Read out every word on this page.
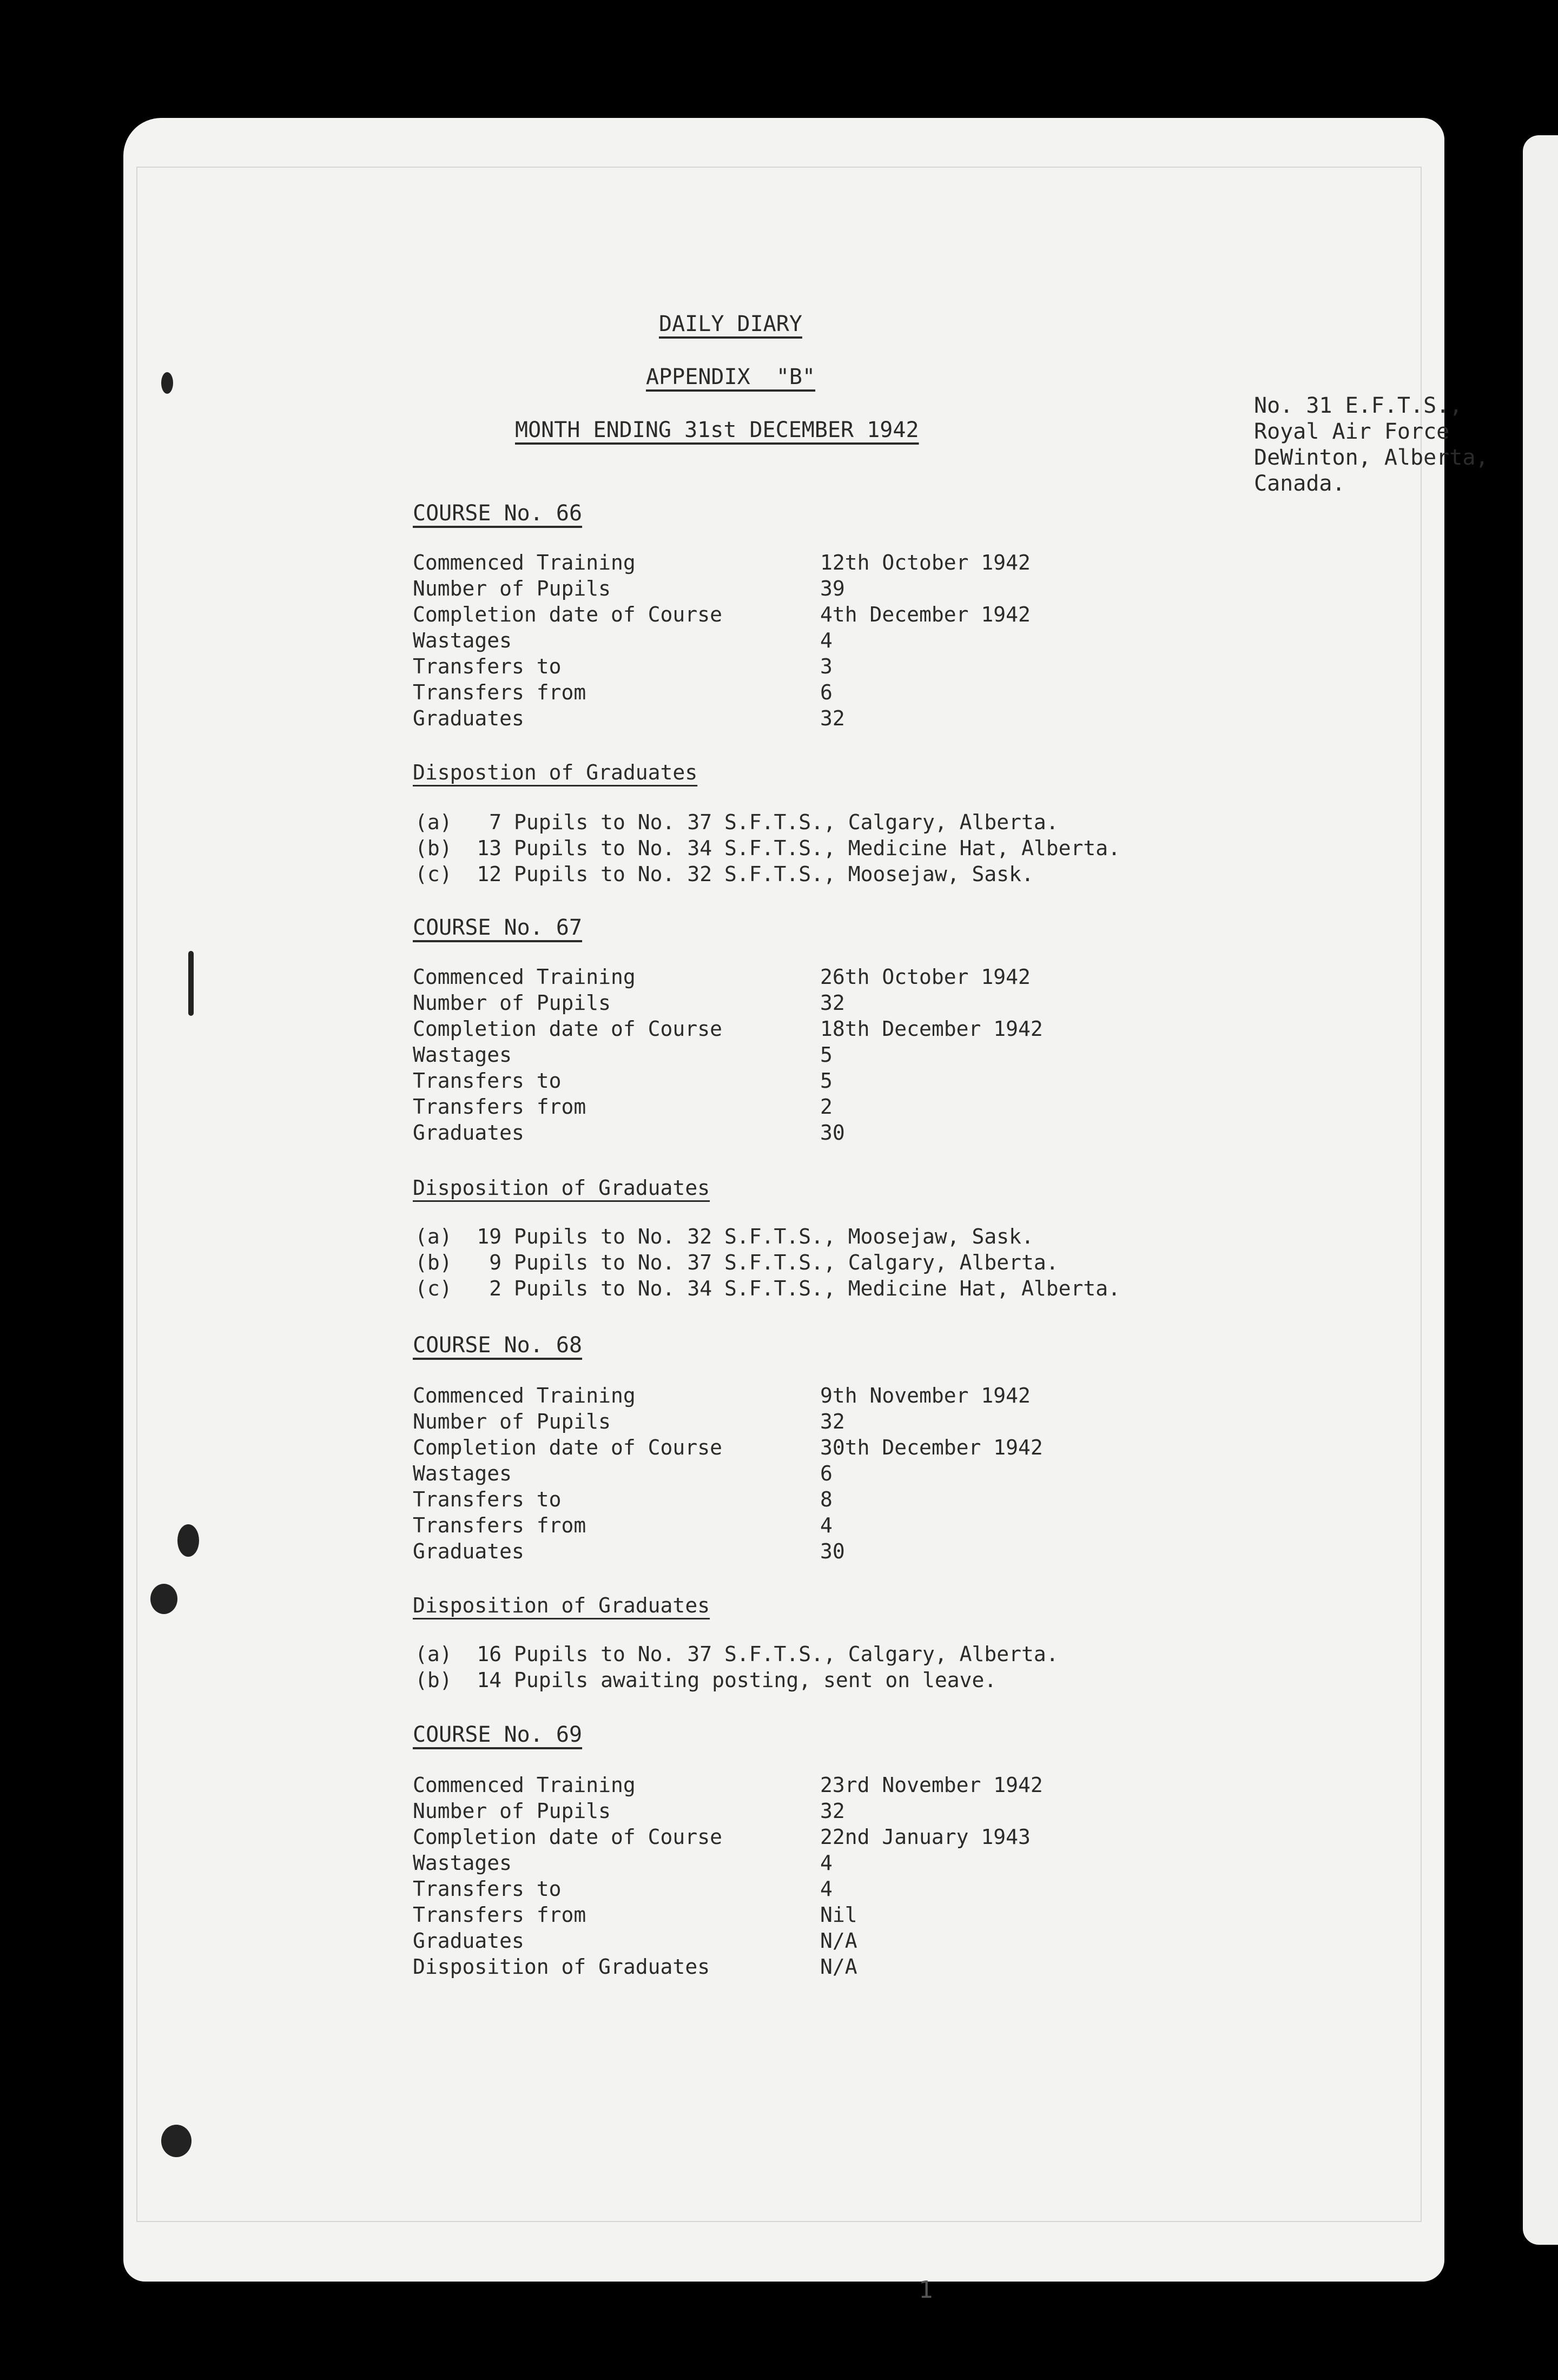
No. 31 E.F.T.S.,
Royal Air Force
DeWinton, Alberta,
Canada.
DAILY DIARY
APPENDIX  "B"
MONTH ENDING 31st DECEMBER 1942
COURSE No. 66
Commenced Training	12th October 1942
Number of Pupils	39
Completion date of Course	4th December 1942
Wastages	4
Transfers to	3
Transfers from	6
Graduates	32
Dispostion of Graduates
(a)   7 Pupils to No. 37 S.F.T.S., Calgary, Alberta.
(b)  13 Pupils to No. 34 S.F.T.S., Medicine Hat, Alberta.
(c)  12 Pupils to No. 32 S.F.T.S., Moosejaw, Sask.
COURSE No. 67
Commenced Training	26th October 1942
Number of Pupils	32
Completion date of Course	18th December 1942
Wastages	5
Transfers to	5
Transfers from	2
Graduates	30
Disposition of Graduates
(a)  19 Pupils to No. 32 S.F.T.S., Moosejaw, Sask.
(b)   9 Pupils to No. 37 S.F.T.S., Calgary, Alberta.
(c)   2 Pupils to No. 34 S.F.T.S., Medicine Hat, Alberta.
COURSE No. 68
Commenced Training	9th November 1942
Number of Pupils	32
Completion date of Course	30th December 1942
Wastages	6
Transfers to	8
Transfers from	4
Graduates	30
Disposition of Graduates
(a)  16 Pupils to No. 37 S.F.T.S., Calgary, Alberta.
(b)  14 Pupils awaiting posting, sent on leave.
COURSE No. 69
Commenced Training	23rd November 1942
Number of Pupils	32
Completion date of Course	22nd January 1943
Wastages	4
Transfers to	4
Transfers from	Nil
Graduates	N/A
Disposition of Graduates	N/A
1
